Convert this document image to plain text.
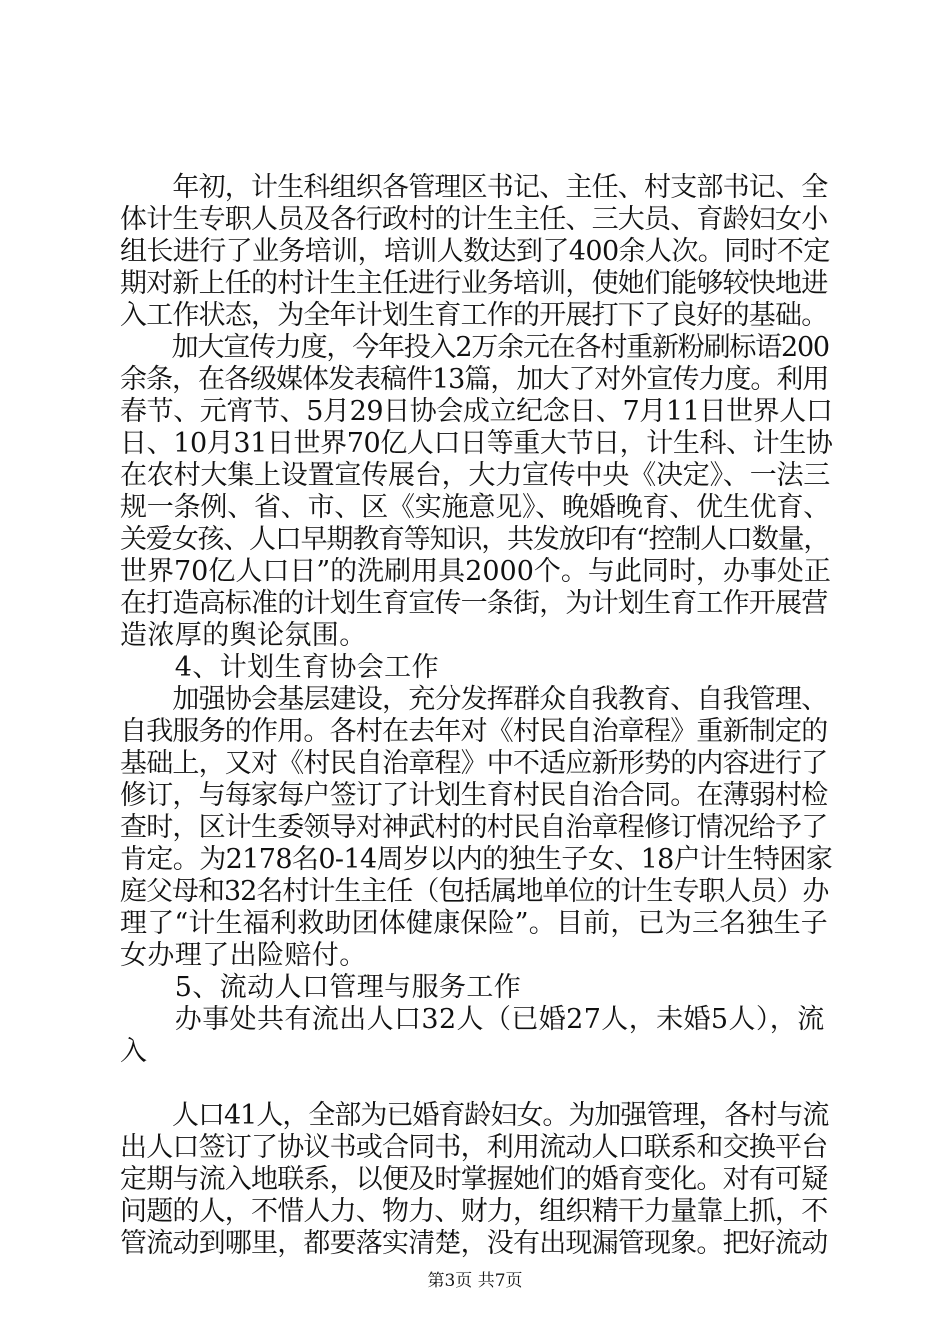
　　年初，计生科组织各管理区书记、主任、村支部书记、全
体计生专职人员及各行政村的计生主任、三大员、育龄妇女小
组长进行了业务培训，培训人数达到了400余人次。同时不定
期对新上任的村计生主任进行业务培训，使她们能够较快地进
入工作状态，为全年计划生育工作的开展打下了良好的基础。
　　加大宣传力度，今年投入2万余元在各村重新粉刷标语200
余条，在各级媒体发表稿件13篇，加大了对外宣传力度。利用
春节、元宵节、5月29日协会成立纪念日、7月11日世界人口
日、10月31日世界70亿人口日等重大节日，计生科、计生协
在农村大集上设置宣传展台，大力宣传中央《决定》、一法三
规一条例、省、市、区《实施意见》、晚婚晚育、优生优育、
关爱女孩、人口早期教育等知识，共发放印有“控制人口数量，
世界70亿人口日”的洗刷用具2000个。与此同时，办事处正
在打造高标准的计划生育宣传一条街，为计划生育工作开展营
造浓厚的舆论氛围。
　　4、计划生育协会工作
　　加强协会基层建设，充分发挥群众自我教育、自我管理、
自我服务的作用。各村在去年对《村民自治章程》重新制定的
基础上，又对《村民自治章程》中不适应新形势的内容进行了
修订，与每家每户签订了计划生育村民自治合同。在薄弱村检
查时，区计生委领导对神武村的村民自治章程修订情况给予了
肯定。为2178名0-14周岁以内的独生子女、18户计生特困家
庭父母和32名村计生主任（包括属地单位的计生专职人员）办
理了“计生福利救助团体健康保险”。目前，已为三名独生子
女办理了出险赔付。
　　5、流动人口管理与服务工作
　　办事处共有流出人口32人（已婚27人，未婚5人），流
入
　　人口41人，全部为已婚育龄妇女。为加强管理，各村与流
出人口签订了协议书或合同书，利用流动人口联系和交换平台
定期与流入地联系，以便及时掌握她们的婚育变化。对有可疑
问题的人，不惜人力、物力、财力，组织精干力量靠上抓，不
管流动到哪里，都要落实清楚，没有出现漏管现象。把好流动
第3页 共7页
